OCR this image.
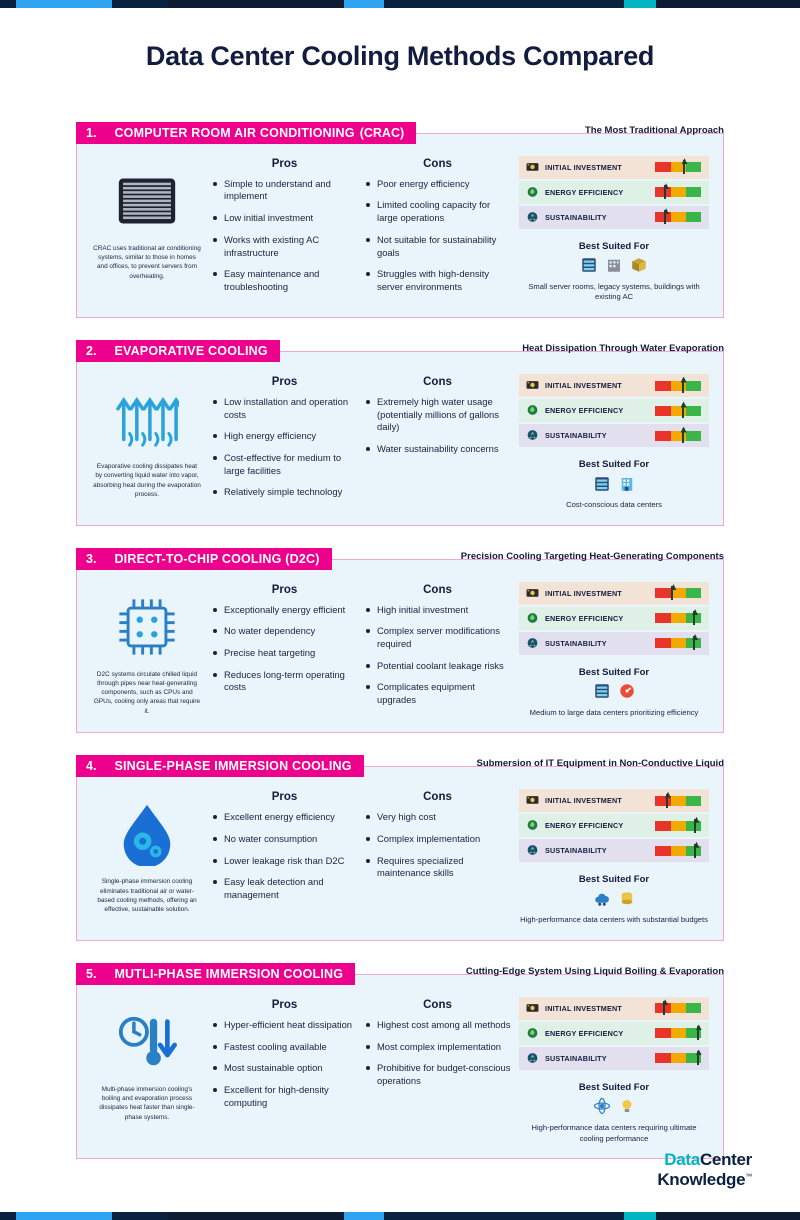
Data Center Cooling Methods Compared
1. COMPUTER ROOM AIR CONDITIONING (CRAC)	The Most Traditional Approach
CRAC uses traditional air conditioning systems, similar to those in homes and offices, to prevent servers from overheating.
Pros
Simple to understand and implement
Low initial investment
Works with existing AC infrastructure
Easy maintenance and troubleshooting
Cons
Poor energy efficiency
Limited cooling capacity for large operations
Not suitable for sustainability goals
Struggles with high-density server environments
INITIAL INVESTMENT
ENERGY EFFICIENCY
SUSTAINABILITY
Best Suited For
Small server rooms, legacy systems, buildings with existing AC
2. EVAPORATIVE COOLING	Heat Dissipation Through Water Evaporation
Evaporative cooling dissipates heat by converting liquid water into vapor, absorbing heat during the evaporation process.
Pros
Low installation and operation costs
High energy efficiency
Cost-effective for medium to large facilities
Relatively simple technology
Cons
Extremely high water usage (potentially millions of gallons daily)
Water sustainability concerns
INITIAL INVESTMENT
ENERGY EFFICIENCY
SUSTAINABILITY
Best Suited For
Cost-conscious data centers
3. DIRECT-TO-CHIP COOLING (D2C)	Precision Cooling Targeting Heat-Generating Components
D2C systems circulate chilled liquid through pipes near heat-generating components, such as CPUs and GPUs, cooling only areas that require it.
Pros
Exceptionally energy efficient
No water dependency
Precise heat targeting
Reduces long-term operating costs
Cons
High initial investment
Complex server modifications required
Potential coolant leakage risks
Complicates equipment upgrades
INITIAL INVESTMENT
ENERGY EFFICIENCY
SUSTAINABILITY
Best Suited For
Medium to large data centers prioritizing efficiency
4. SINGLE-PHASE IMMERSION COOLING	Submersion of IT Equipment in Non-Conductive Liquid
Single-phase immersion cooling eliminates traditional air or water-based cooling methods, offering an effective, sustainable solution.
Pros
Excellent energy efficiency
No water consumption
Lower leakage risk than D2C
Easy leak detection and management
Cons
Very high cost
Complex implementation
Requires specialized maintenance skills
INITIAL INVESTMENT
ENERGY EFFICIENCY
SUSTAINABILITY
Best Suited For
High-performance data centers with substantial budgets
5. MUTLI-PHASE IMMERSION COOLING	Cutting-Edge System Using Liquid Boiling & Evaporation
Multi-phase immersion cooling's boiling and evaporation process dissipates heat faster than single-phase systems.
Pros
Hyper-efficient heat dissipation
Fastest cooling available
Most sustainable option
Excellent for high-density computing
Cons
Highest cost among all methods
Most complex implementation
Prohibitive for budget-conscious operations
INITIAL INVESTMENT
ENERGY EFFICIENCY
SUSTAINABILITY
Best Suited For
High-performance data centers requiring ultimate cooling performance
DataCenter
Knowledge™
